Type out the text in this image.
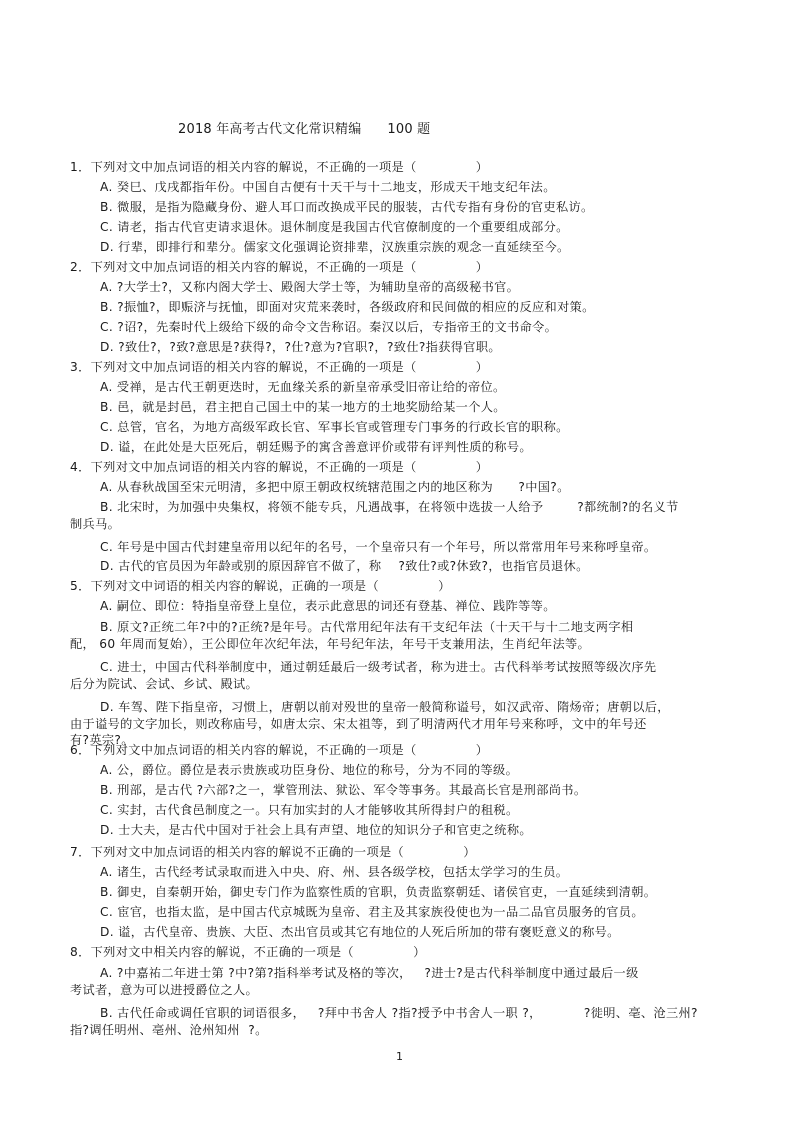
2018 年高考古代文化常识精编      100 题
1．下列对文中加点词语的相关内容的解说，不正确的一项是（              ）
A. 癸巳、戊戌都指年份。中国自古便有十天干与十二地支，形成天干地支纪年法。
B. 微服，是指为隐藏身份、避人耳口而改换成平民的服装，古代专指有身份的官吏私访。
C. 请老，指古代官吏请求退休。退休制度是我国古代官僚制度的一个重要组成部分。
D. 行辈，即排行和辈分。儒家文化强调论资排辈，汉族重宗族的观念一直延续至今。
2．下列对文中加点词语的相关内容的解说，不正确的一项是（              ）
A. ?大学士?，又称内阁大学士、殿阁大学士等，为辅助皇帝的高级秘书官。
B. ?振恤?，即赈济与抚恤，即面对灾荒来袭时，各级政府和民间做的相应的反应和对策。
C. ?诏?，先秦时代上级给下级的命令文告称诏。秦汉以后，专指帝王的文书命令。
D. ?致仕?，?致?意思是?获得?，?仕?意为?官职?，?致仕?指获得官职。
3．下列对文中加点词语的相关内容的解说，不正确的一项是（              ）
A. 受禅，是古代王朝更迭时，无血缘关系的新皇帝承受旧帝让给的帝位。
B. 邑，就是封邑，君主把自己国土中的某一地方的土地奖励给某一个人。
C. 总管，官名，为地方高级军政长官、军事长官或管理专门事务的行政长官的职称。
D. 谥，在此处是大臣死后，朝廷赐予的寓含善意评价或带有评判性质的称号。
4．下列对文中加点词语的相关内容的解说，不正确的一项是（              ）
A. 从春秋战国至宋元明清，多把中原王朝政权统辖范围之内的地区称为      ?中国?。
B. 北宋时，为加强中央集权，将领不能专兵，凡遇战事，在将领中选拔一人给予        ?都统制?的名义节
制兵马。
C. 年号是中国古代封建皇帝用以纪年的名号，一个皇帝只有一个年号，所以常常用年号来称呼皇帝。
D. 古代的官员因为年龄或别的原因辞官不做了，称    ?致仕?或?休致?，也指官员退休。
5．下列对文中词语的相关内容的解说，正确的一项是（              ）
A. 嗣位、即位：特指皇帝登上皇位，表示此意思的词还有登基、禅位、践阼等等。
B. 原文?正统二年?中的?正统?是年号。古代常用纪年法有干支纪年法（十天干与十二地支两字相
配， 60 年周而复始），王公即位年次纪年法，年号纪年法，年号干支兼用法，生肖纪年法等。
C. 进士，中国古代科举制度中，通过朝廷最后一级考试者，称为进士。古代科举考试按照等级次序先
后分为院试、会试、乡试、殿试。
D. 车驾、陛下指皇帝，习惯上，唐朝以前对殁世的皇帝一般简称谥号，如汉武帝、隋炀帝；唐朝以后，
由于谥号的文字加长，则改称庙号，如唐太宗、宋太祖等，到了明清两代才用年号来称呼，文中的年号还
有?英宗?。
6．下列对文中加点词语的相关内容的解说，不正确的一项是（              ）
A. 公，爵位。爵位是表示贵族或功臣身份、地位的称号，分为不同的等级。
B. 刑部，是古代 ?六部?之一，掌管刑法、狱讼、军令等事务。其最高长官是刑部尚书。
C. 实封，古代食邑制度之一。只有加实封的人才能够收其所得封户的租税。
D. 士大夫，是古代中国对于社会上具有声望、地位的知识分子和官吏之统称。
7．下列对文中加点词语的相关内容的解说不正确的一项是（              ）
A. 诸生，古代经考试录取而进入中央、府、州、县各级学校，包括太学学习的生员。
B. 御史，自秦朝开始，御史专门作为监察性质的官职，负责监察朝廷、诸侯官吏，一直延续到清朝。
C. 宦官，也指太监，是中国古代京城既为皇帝、君主及其家族役使也为一品二品官员服务的官员。
D. 谥，古代皇帝、贵族、大臣、杰出官员或其它有地位的人死后所加的带有褒贬意义的称号。
8．下列对文中相关内容的解说，不正确的一项是（              ）
A. ?中嘉祐二年进士第 ?中?第?指科举考试及格的等次，   ?进士?是古代科举制度中通过最后一级
考试者，意为可以进授爵位之人。
B. 古代任命或调任官职的词语很多，   ?拜中书舍人 ?指?授予中书舍人一职 ?，          ?徙明、亳、沧三州?
指?调任明州、亳州、沧州知州  ?。
1
